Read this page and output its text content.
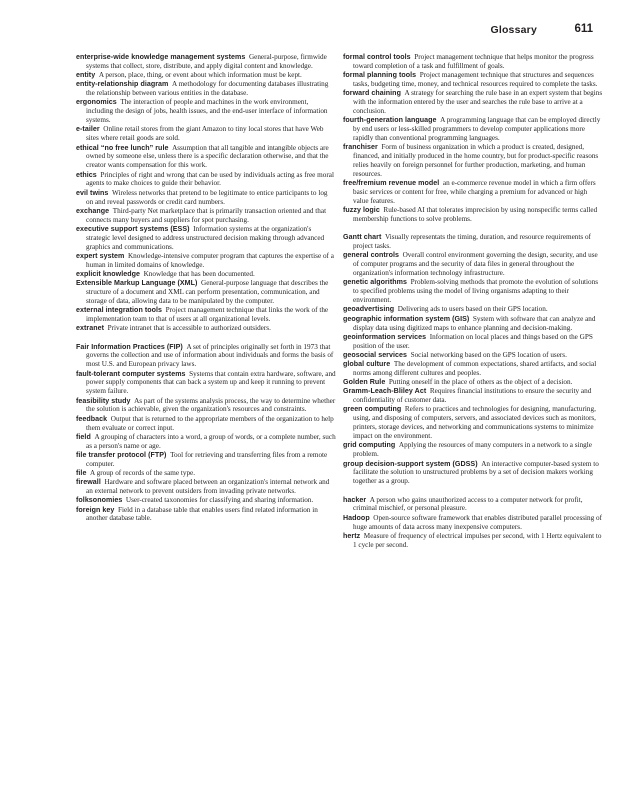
Glossary	611
enterprise-wide knowledge management systems  General-purpose, firmwide systems that collect, store, distribute, and apply digital content and knowledge.
entity  A person, place, thing, or event about which information must be kept.
entity-relationship diagram  A methodology for documenting databases illustrating the relationship between various entities in the database.
ergonomics  The interaction of people and machines in the work environment, including the design of jobs, health issues, and the end-user interface of information systems.
e-tailer  Online retail stores from the giant Amazon to tiny local stores that have Web sites where retail goods are sold.
ethical “no free lunch” rule  Assumption that all tangible and intangible objects are owned by someone else, unless there is a specific declaration otherwise, and that the creator wants compensation for this work.
ethics  Principles of right and wrong that can be used by individuals acting as free moral agents to make choices to guide their behavior.
evil twins  Wireless networks that pretend to be legitimate to entice participants to log on and reveal passwords or credit card numbers.
exchange  Third-party Net marketplace that is primarily transaction oriented and that connects many buyers and suppliers for spot purchasing.
executive support systems (ESS)  Information systems at the organization's strategic level designed to address unstructured decision making through advanced graphics and communications.
expert system  Knowledge-intensive computer program that captures the expertise of a human in limited domains of knowledge.
explicit knowledge  Knowledge that has been documented.
Extensible Markup Language (XML)  General-purpose language that describes the structure of a document and XML can perform presentation, communication, and storage of data, allowing data to be manipulated by the computer.
external integration tools  Project management technique that links the work of the implementation team to that of users at all organizational levels.
extranet  Private intranet that is accessible to authorized outsiders.
Fair Information Practices (FIP)  A set of principles originally set forth in 1973 that governs the collection and use of information about individuals and forms the basis of most U.S. and European privacy laws.
fault-tolerant computer systems  Systems that contain extra hardware, software, and power supply components that can back a system up and keep it running to prevent system failure.
feasibility study  As part of the systems analysis process, the way to determine whether the solution is achievable, given the organization's resources and constraints.
feedback  Output that is returned to the appropriate members of the organization to help them evaluate or correct input.
field  A grouping of characters into a word, a group of words, or a complete number, such as a person's name or age.
file transfer protocol (FTP)  Tool for retrieving and transferring files from a remote computer.
file  A group of records of the same type.
firewall  Hardware and software placed between an organization's internal network and an external network to prevent outsiders from invading private networks.
folksonomies  User-created taxonomies for classifying and sharing information.
foreign key  Field in a database table that enables users find related information in another database table.
formal control tools  Project management technique that helps monitor the progress toward completion of a task and fulfillment of goals.
formal planning tools  Project management technique that structures and sequences tasks, budgeting time, money, and technical resources required to complete the tasks.
forward chaining  A strategy for searching the rule base in an expert system that begins with the information entered by the user and searches the rule base to arrive at a conclusion.
fourth-generation language  A programming language that can be employed directly by end users or less-skilled programmers to develop computer applications more rapidly than conventional programming languages.
franchiser  Form of business organization in which a product is created, designed, financed, and initially produced in the home country, but for product-specific reasons relies heavily on foreign personnel for further production, marketing, and human resources.
free/fremium revenue model  an e-commerce revenue model in which a firm offers basic services or content for free, while charging a premium for advanced or high value features.
fuzzy logic  Rule-based AI that tolerates imprecision by using nonspecific terms called membership functions to solve problems.
Gantt chart  Visually representats the timing, duration, and resource requirements of project tasks.
general controls  Overall control environment governing the design, security, and use of computer programs and the security of data files in general throughout the organization's information technology infrastructure.
genetic algorithms  Problem-solving methods that promote the evolution of solutions to specified problems using the model of living organisms adapting to their environment.
geoadvertising  Delivering ads to users based on their GPS location.
geographic information system (GIS)  System with software that can analyze and display data using digitized maps to enhance planning and decision-making.
geoinformation services  Information on local places and things based on the GPS position of the user.
geosocial services  Social networking based on the GPS location of users.
global culture  The development of common expectations, shared artifacts, and social norms among different cultures and peoples.
Golden Rule  Putting oneself in the place of others as the object of a decision.
Gramm-Leach-Bliley Act  Requires financial institutions to ensure the security and confidentiality of customer data.
green computing  Refers to practices and technologies for designing, manufacturing, using, and disposing of computers, servers, and associated devices such as monitors, printers, storage devices, and networking and communications systems to minimize impact on the environment.
grid computing  Applying the resources of many computers in a network to a single problem.
group decision-support system (GDSS)  An interactive computer-based system to facilitate the solution to unstructured problems by a set of decision makers working together as a group.
hacker  A person who gains unauthorized access to a computer network for profit, criminal mischief, or personal pleasure.
Hadoop  Open-source software framework that enables distributed parallel processing of huge amounts of data across many inexpensive computers.
hertz  Measure of frequency of electrical impulses per second, with 1 Hertz equivalent to 1 cycle per second.
